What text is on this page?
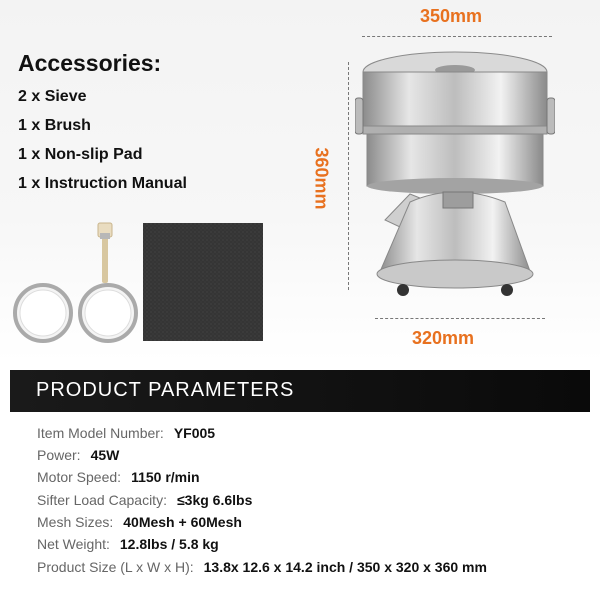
Accessories:
2 x Sieve
1 x Brush
1 x Non-slip Pad
1 x Instruction Manual
350mm
360mm
320mm
PRODUCT PARAMETERS
Item Model Number: YF005
Power: 45W
Motor Speed: 1150 r/min
Sifter Load Capacity: ≤3kg 6.6lbs
Mesh Sizes: 40Mesh + 60Mesh
Net Weight: 12.8lbs / 5.8 kg
Product Size (L x W x H): 13.8x 12.6 x 14.2 inch / 350 x 320 x 360 mm
